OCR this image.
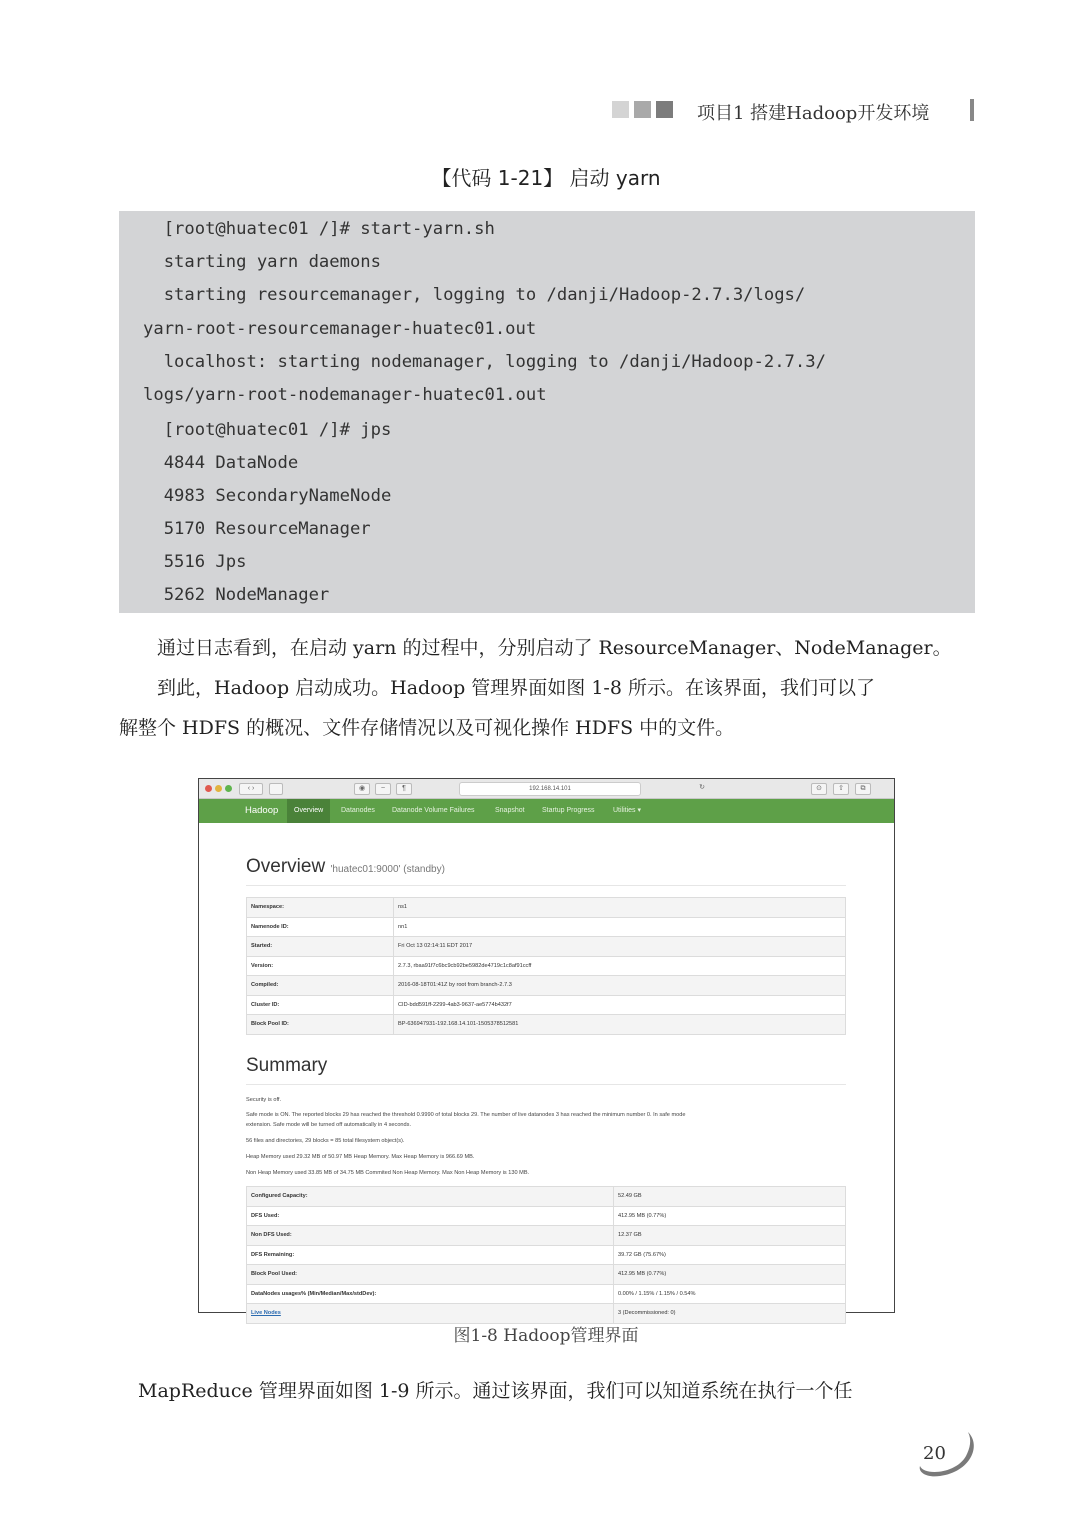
项目1 搭建Hadoop开发环境
【代码 1-21】 启动 yarn
[root@huatec01 /]# start-yarn.sh
starting yarn daemons
starting resourcemanager, logging to /danji/Hadoop-2.7.3/logs/
yarn-root-resourcemanager-huatec01.out
localhost: starting nodemanager, logging to /danji/Hadoop-2.7.3/
logs/yarn-root-nodemanager-huatec01.out
[root@huatec01 /]# jps
4844 DataNode
4983 SecondaryNameNode
5170 ResourceManager
5516 Jps
5262 NodeManager
　　通过日志看到，在启动 yarn 的过程中，分别启动了 ResourceManager、NodeManager。
　　到此，Hadoop 启动成功。Hadoop 管理界面如图 1-8 所示。在该界面，我们可以了
解整个 HDFS 的概况、文件存储情况以及可视化操作 HDFS 中的文件。
‹ ›	◉	~	¶	192.168.14.101	↻	⊙	⇧	⧉
Hadoop	Overview	Datanodes Datanode Volume Failures	Snapshot Startup Progress	Utilities ▾
Overview 'huatec01:9000' (standby)
Namespace:	ns1
Namenode ID:	nn1
Started:	Fri Oct 13 02:14:11 EDT 2017
Version:	2.7.3, rbaa91f7c6bc9cb92be5982de4719c1c8af91ccff
Compiled:	2016-08-18T01:41Z by root from branch-2.7.3
Cluster ID:	CID-bdd591ff-2299-4ab3-9637-ae5774b432f7
Block Pool ID:	BP-636947931-192.168.14.101-1505378512581
Summary
Security is off.
Safe mode is ON. The reported blocks 29 has reached the threshold 0.9990 of total blocks 29. The number of live datanodes 3 has reached the minimum number 0. In safe mode
extension. Safe mode will be turned off automatically in 4 seconds.
56 files and directories, 29 blocks = 85 total filesystem object(s).
Heap Memory used 29.32 MB of 50.97 MB Heap Memory. Max Heap Memory is 966.69 MB.
Non Heap Memory used 33.85 MB of 34.75 MB Commited Non Heap Memory. Max Non Heap Memory is 130 MB.
Configured Capacity:	52.49 GB
DFS Used:	412.95 MB (0.77%)
Non DFS Used:	12.37 GB
DFS Remaining:	39.72 GB (75.67%)
Block Pool Used:	412.95 MB (0.77%)
DataNodes usages% (Min/Median/Max/stdDev):	0.00% / 1.15% / 1.15% / 0.54%
Live Nodes	3 (Decommissioned: 0)
图1-8 Hadoop管理界面
　MapReduce 管理界面如图 1-9 所示。通过该界面，我们可以知道系统在执行一个任
20
